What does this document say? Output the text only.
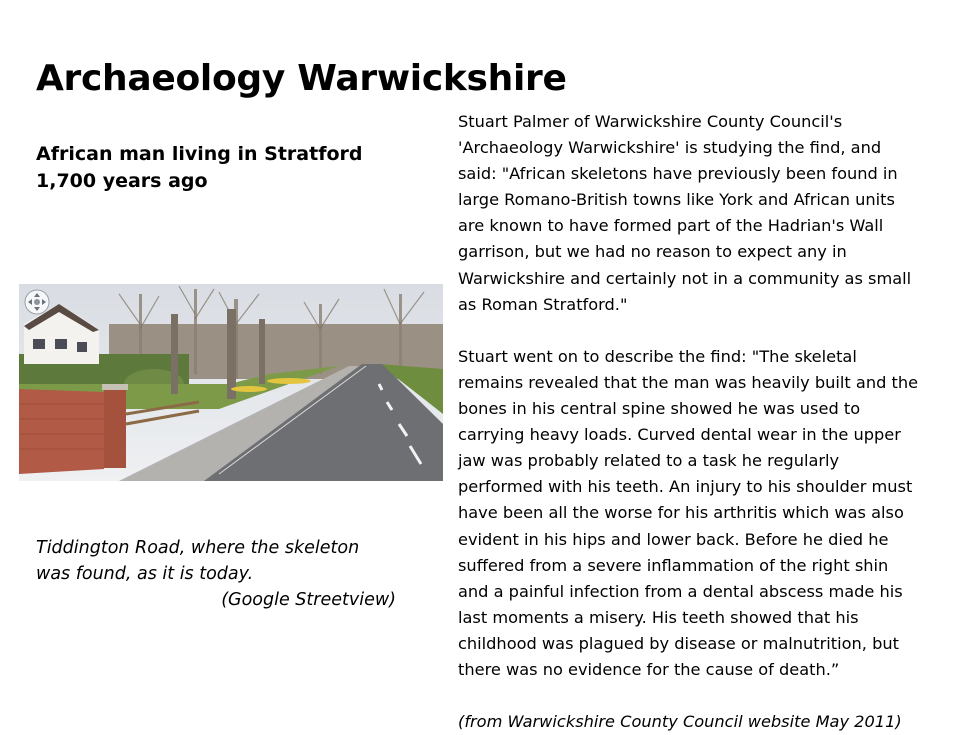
Archaeology Warwickshire
African man living in Stratford
1,700 years ago
Tiddington Road, where the skeleton
was found, as it is today.
(Google Streetview)
Stuart Palmer of Warwickshire County Council's
'Archaeology Warwickshire' is studying the find, and
said: "African skeletons have previously been found in
large Romano-British towns like York and African units
are known to have formed part of the Hadrian's Wall
garrison, but we had no reason to expect any in
Warwickshire and certainly not in a community as small
as Roman Stratford."
Stuart went on to describe the find: "The skeletal
remains revealed that the man was heavily built and the
bones in his central spine showed he was used to
carrying heavy loads. Curved dental wear in the upper
jaw was probably related to a task he regularly
performed with his teeth. An injury to his shoulder must
have been all the worse for his arthritis which was also
evident in his hips and lower back. Before he died he
suffered from a severe inflammation of the right shin
and a painful infection from a dental abscess made his
last moments a misery. His teeth showed that his
childhood was plagued by disease or malnutrition, but
there was no evidence for the cause of death.”
(from Warwickshire County Council website May 2011)
